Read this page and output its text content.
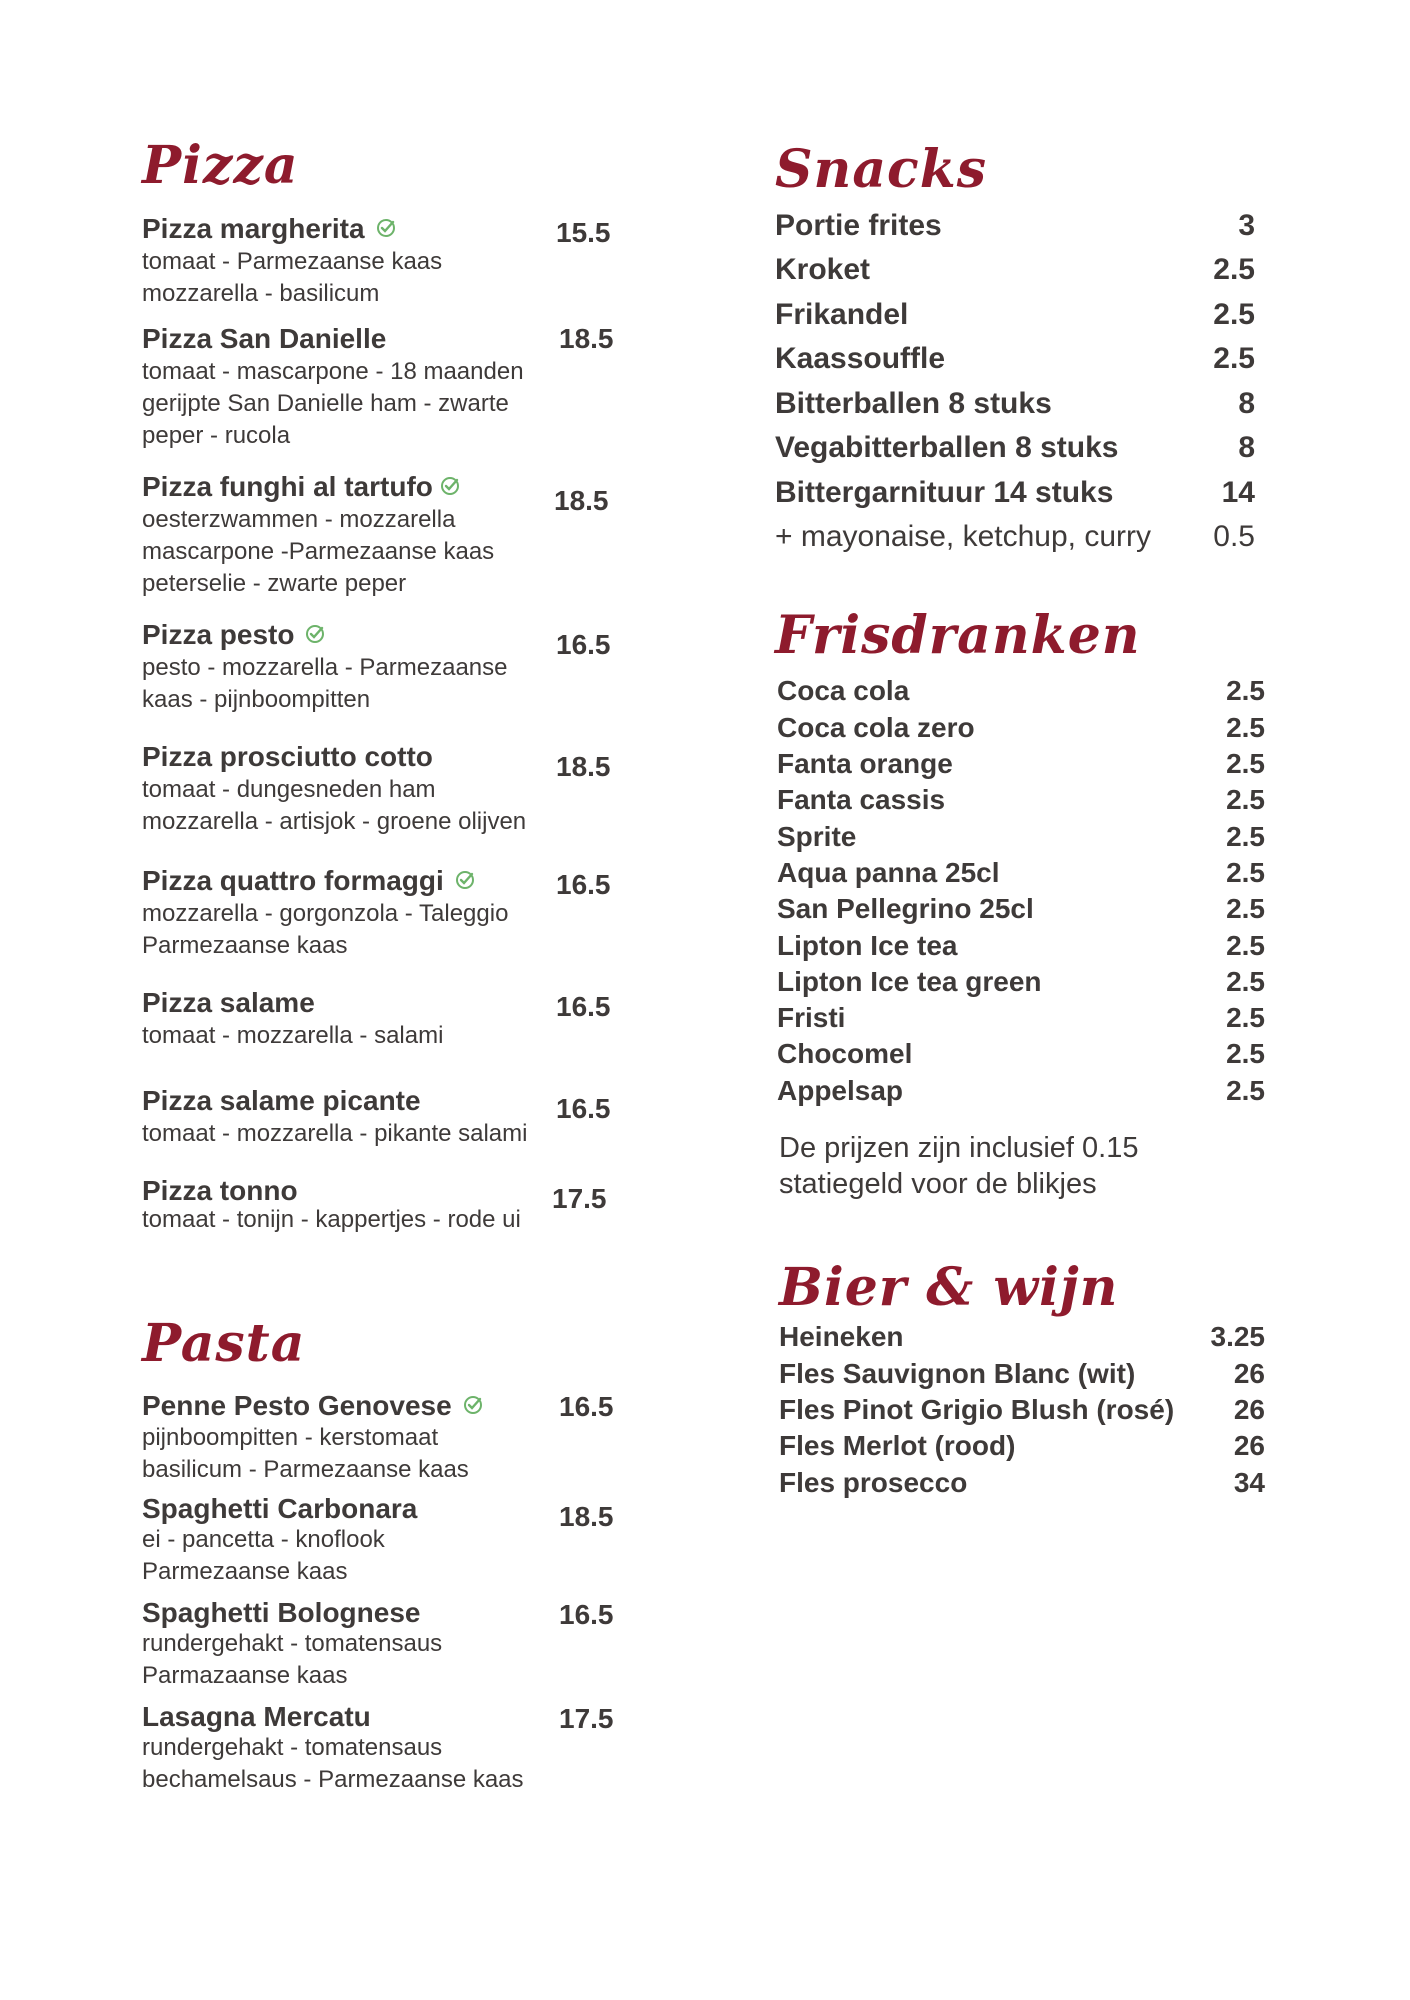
Pizza
Pizza margherita	15.5
tomaat - Parmezaanse kaas
mozzarella - basilicum
Pizza San Danielle	18.5
tomaat - mascarpone - 18 maanden
gerijpte San Danielle ham - zwarte
peper - rucola
Pizza funghi al tartufo	18.5
oesterzwammen - mozzarella
mascarpone -Parmezaanse kaas
peterselie - zwarte peper
Pizza pesto	16.5
pesto - mozzarella - Parmezaanse
kaas - pijnboompitten
Pizza prosciutto cotto	18.5
tomaat - dungesneden ham
mozzarella - artisjok - groene olijven
Pizza quattro formaggi	16.5
mozzarella - gorgonzola - Taleggio
Parmezaanse kaas
Pizza salame	16.5
tomaat - mozzarella - salami
Pizza salame picante	16.5
tomaat - mozzarella - pikante salami
Pizza tonno	17.5
tomaat - tonijn - kappertjes - rode ui
Pasta
Penne Pesto Genovese	16.5
pijnboompitten - kerstomaat
basilicum - Parmezaanse kaas
Spaghetti Carbonara	18.5
ei - pancetta - knoflook
Parmezaanse kaas
Spaghetti Bolognese	16.5
rundergehakt - tomatensaus
Parmazaanse kaas
Lasagna Mercatu	17.5
rundergehakt - tomatensaus
bechamelsaus - Parmezaanse kaas
Snacks
Portie frites	3
Kroket	2.5
Frikandel	2.5
Kaassouffle	2.5
Bitterballen 8 stuks	8
Vegabitterballen 8 stuks	8
Bittergarnituur 14 stuks	14
+ mayonaise, ketchup, curry 0.5
Frisdranken
Coca cola	2.5
Coca cola zero	2.5
Fanta orange	2.5
Fanta cassis	2.5
Sprite	2.5
Aqua panna 25cl	2.5
San Pellegrino 25cl	2.5
Lipton Ice tea	2.5
Lipton Ice tea green	2.5
Fristi	2.5
Chocomel	2.5
Appelsap	2.5
De prijzen zijn inclusief 0.15
statiegeld voor de blikjes
Bier & wijn
Heineken	3.25
Fles Sauvignon Blanc (wit)	26
Fles Pinot Grigio Blush (rosé) 26
Fles Merlot (rood)	26
Fles prosecco	34
